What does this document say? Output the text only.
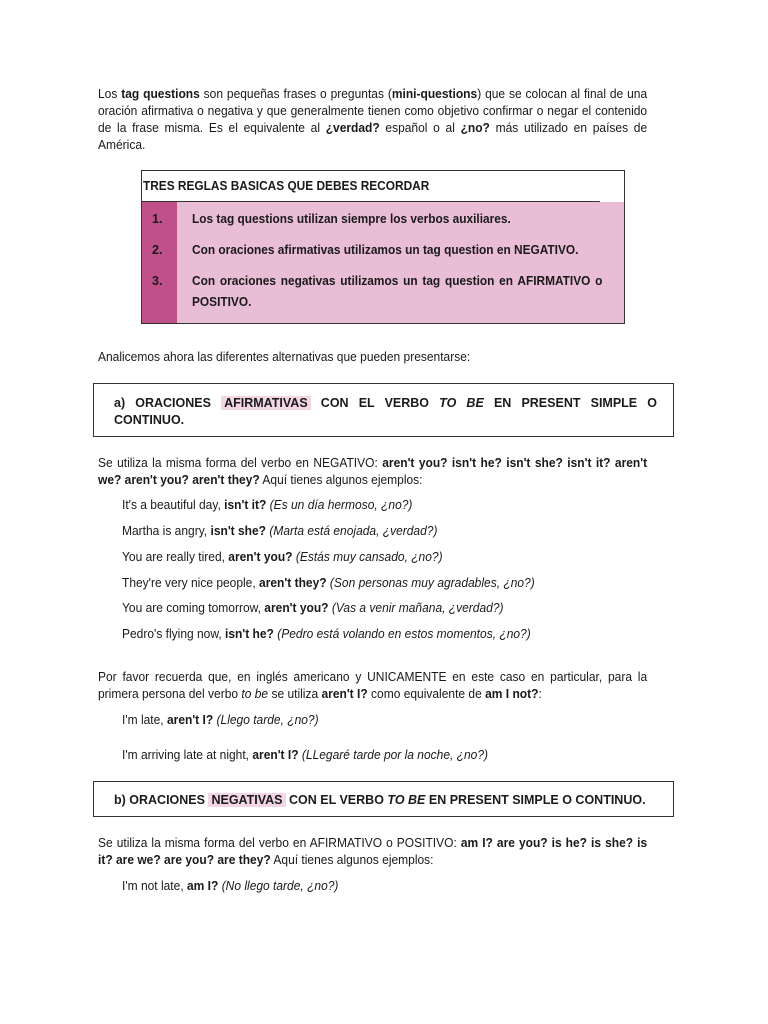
Los tag questions son pequeñas frases o preguntas (mini-questions) que se colocan al final de una oración afirmativa o negativa y que generalmente tienen como objetivo confirmar o negar el contenido de la frase misma. Es el equivalente al ¿verdad? español o al ¿no? más utilizado en países de América.
TRES REGLAS BASICAS QUE DEBES RECORDAR
1.	Los tag questions utilizan siempre los verbos auxiliares.
2.	Con oraciones afirmativas utilizamos un tag question en NEGATIVO.
3.	Con oraciones negativas utilizamos un tag question en AFIRMATIVO o POSITIVO.
Analicemos ahora las diferentes alternativas que pueden presentarse:
a) ORACIONES AFIRMATIVAS CON EL VERBO TO BE EN PRESENT SIMPLE O CONTINUO.
Se utiliza la misma forma del verbo en NEGATIVO: aren't you? isn't he? isn't she? isn't it? aren't we? aren't you? aren't they? Aquí tienes algunos ejemplos:
It's a beautiful day, isn't it? (Es un día hermoso, ¿no?)
Martha is angry, isn't she? (Marta está enojada, ¿verdad?)
You are really tired, aren't you? (Estás muy cansado, ¿no?)
They're very nice people, aren't they? (Son personas muy agradables, ¿no?)
You are coming tomorrow, aren't you? (Vas a venir mañana, ¿verdad?)
Pedro's flying now, isn't he? (Pedro está volando en estos momentos, ¿no?)
Por favor recuerda que, en inglés americano y UNICAMENTE en este caso en particular, para la primera persona del verbo to be se utiliza aren't I? como equivalente de am I not?:
I'm late, aren't I? (Llego tarde, ¿no?)
I'm arriving late at night, aren't I? (LLegaré tarde por la noche, ¿no?)
b) ORACIONES NEGATIVAS CON EL VERBO TO BE EN PRESENT SIMPLE O CONTINUO.
Se utiliza la misma forma del verbo en AFIRMATIVO o POSITIVO: am I? are you? is he? is she? is it? are we? are you? are they? Aquí tienes algunos ejemplos:
I'm not late, am I? (No llego tarde, ¿no?)
